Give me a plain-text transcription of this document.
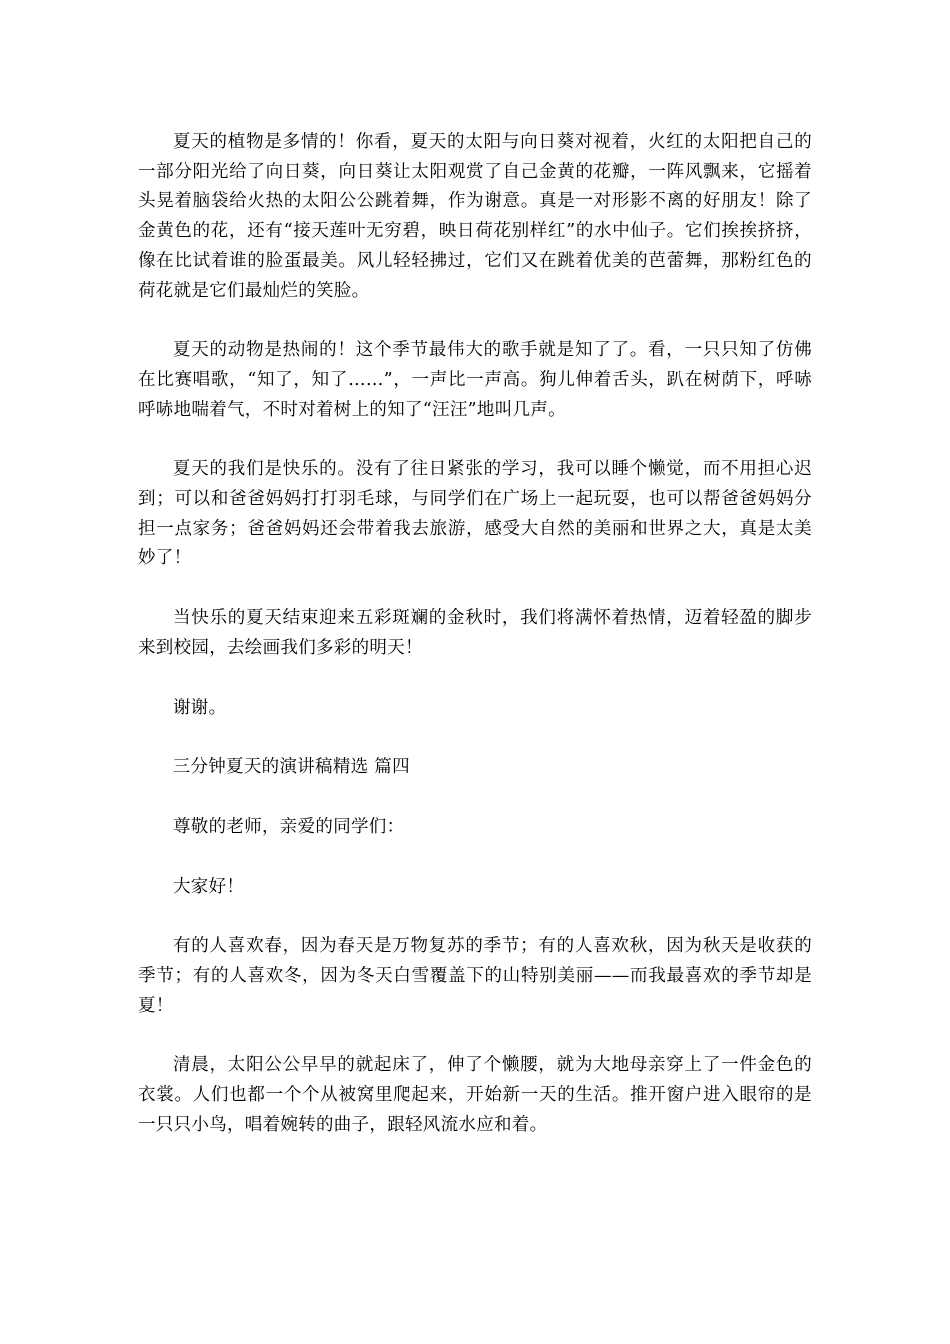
夏天的植物是多情的！你看，夏天的太阳与向日葵对视着，火红的太阳把自己的一部分阳光给了向日葵，向日葵让太阳观赏了自己金黄的花瓣，一阵风飘来，它摇着头晃着脑袋给火热的太阳公公跳着舞，作为谢意。真是一对形影不离的好朋友！除了金黄色的花，还有“接天莲叶无穷碧，映日荷花别样红”的水中仙子。它们挨挨挤挤，像在比试着谁的脸蛋最美。风儿轻轻拂过，它们又在跳着优美的芭蕾舞，那粉红色的荷花就是它们最灿烂的笑脸。

夏天的动物是热闹的！这个季节最伟大的歌手就是知了了。看，一只只知了仿佛在比赛唱歌，“知了，知了……”，一声比一声高。狗儿伸着舌头，趴在树荫下，呼哧呼哧地喘着气，不时对着树上的知了“汪汪”地叫几声。

夏天的我们是快乐的。没有了往日紧张的学习，我可以睡个懒觉，而不用担心迟到；可以和爸爸妈妈打打羽毛球，与同学们在广场上一起玩耍，也可以帮爸爸妈妈分担一点家务；爸爸妈妈还会带着我去旅游，感受大自然的美丽和世界之大，真是太美妙了！

当快乐的夏天结束迎来五彩斑斓的金秋时，我们将满怀着热情，迈着轻盈的脚步来到校园，去绘画我们多彩的明天！

谢谢。

三分钟夏天的演讲稿精选 篇四

尊敬的老师，亲爱的同学们：

大家好！

有的人喜欢春，因为春天是万物复苏的季节；有的人喜欢秋，因为秋天是收获的季节；有的人喜欢冬，因为冬天白雪覆盖下的山特别美丽——而我最喜欢的季节却是夏！

清晨，太阳公公早早的就起床了，伸了个懒腰，就为大地母亲穿上了一件金色的衣裳。人们也都一个个从被窝里爬起来，开始新一天的生活。推开窗户进入眼帘的是一只只小鸟，唱着婉转的曲子，跟轻风流水应和着。
